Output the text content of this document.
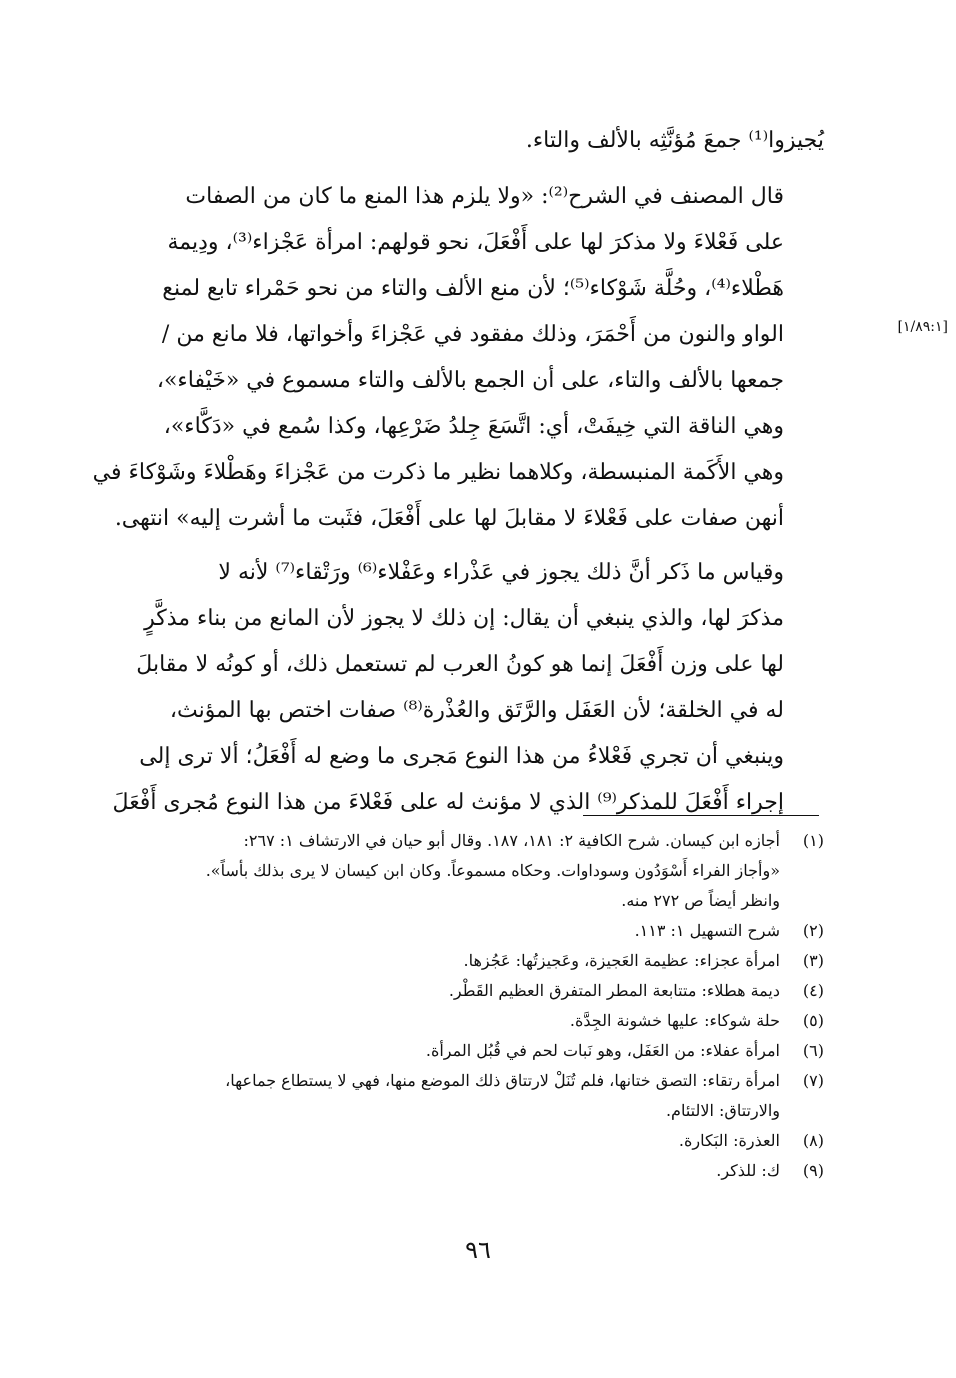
يُجيزوا⁽¹⁾ جمعَ مُؤنَّثِه بالألف والتاء.

قال المصنف في الشرح⁽²⁾: «ولا يلزم هذا المنع ما كان من الصفات
على فَعْلاءَ ولا مذكرَ لها على أَفْعَلَ، نحو قولهم: امرأة عَجْزاء⁽³⁾، ودِيمة
هَطْلاء⁽⁴⁾، وحُلَّة شَوْكاء⁽⁵⁾؛ لأن منع الألف والتاء من نحو حَمْراء تابع لمنع
الواو والنون من أَحْمَرَ، وذلك مفقود في عَجْزاءَ وأخواتها، فلا مانع من /
جمعها بالألف والتاء، على أن الجمع بالألف والتاء مسموع في «خَيْفاء»،
وهي الناقة التي خِيفَتْ، أي: اتَّسَعَ جِلدُ ضَرْعِها، وكذا سُمع في «دَكَّاء»،
وهي الأَكَمة المنبسطة، وكلاهما نظير ما ذكرت من عَجْزاءَ وهَطْلاءَ وشَوْكاءَ في
أنهن صفات على فَعْلاءَ لا مقابلَ لها على أَفْعَلَ، فثَبت ما أشرت إليه» انتهى.

وقياس ما ذَكر أنَّ ذلك يجوز في عَذْراء وعَفْلاء⁽⁶⁾ ورَتْقاء⁽⁷⁾ لأنه لا
مذكرَ لها، والذي ينبغي أن يقال: إن ذلك لا يجوز لأن المانع من بناء مذكَّرٍ
لها على وزن أَفْعَلَ إنما هو كونُ العرب لم تستعمل ذلك، أو كونُه لا مقابلَ
له في الخلقة؛ لأن العَفَل والرَّتَق والعُذْرة⁽⁸⁾ صفات اختص بها المؤنث،
وينبغي أن تجري فَعْلاءُ من هذا النوع مَجرى ما وضع له أَفْعَلُ؛ ألا ترى إلى
إجراء أَفْعَلَ للمذكر⁽⁹⁾ الذي لا مؤنث له على فَعْلاءَ من هذا النوع مُجرى أَفْعَلَ

[١/٨٩:١]
(١)
أجازه ابن كيسان. شرح الكافية ٢: ١٨١، ١٨٧. وقال أبو حيان في الارتشاف ١: ٢٦٧:
«وأجاز الفراء أَسْوَدُون وسوداوات. وحكاه مسموعاً. وكان ابن كيسان لا يرى بذلك بأساً».
وانظر أيضاً ص ٢٧٢ منه.
(٢)
شرح التسهيل ١: ١١٣.
(٣)
امرأة عجزاء: عظيمة العَجيزة، وعَجيزتُها: عَجُزها.
(٤)
ديمة هطلاء: متتابعة المطر المتفرق العظيم القَطْر.
(٥)
حلة شوكاء: عليها خشونة الجِدَّة.
(٦)
امرأة عفلاء: من العَفَل، وهو نَبات لحم في قُبُل المرأة.
(٧)
امرأة رتقاء: التصق ختانها، فلم تُنَلْ لارتتاق ذلك الموضع منها، فهي لا يستطاع جماعها،
والارتتاق: الالتئام.
(٨)
العذرة: البَكارة.
(٩)
ك: للذكر.
٩٦
